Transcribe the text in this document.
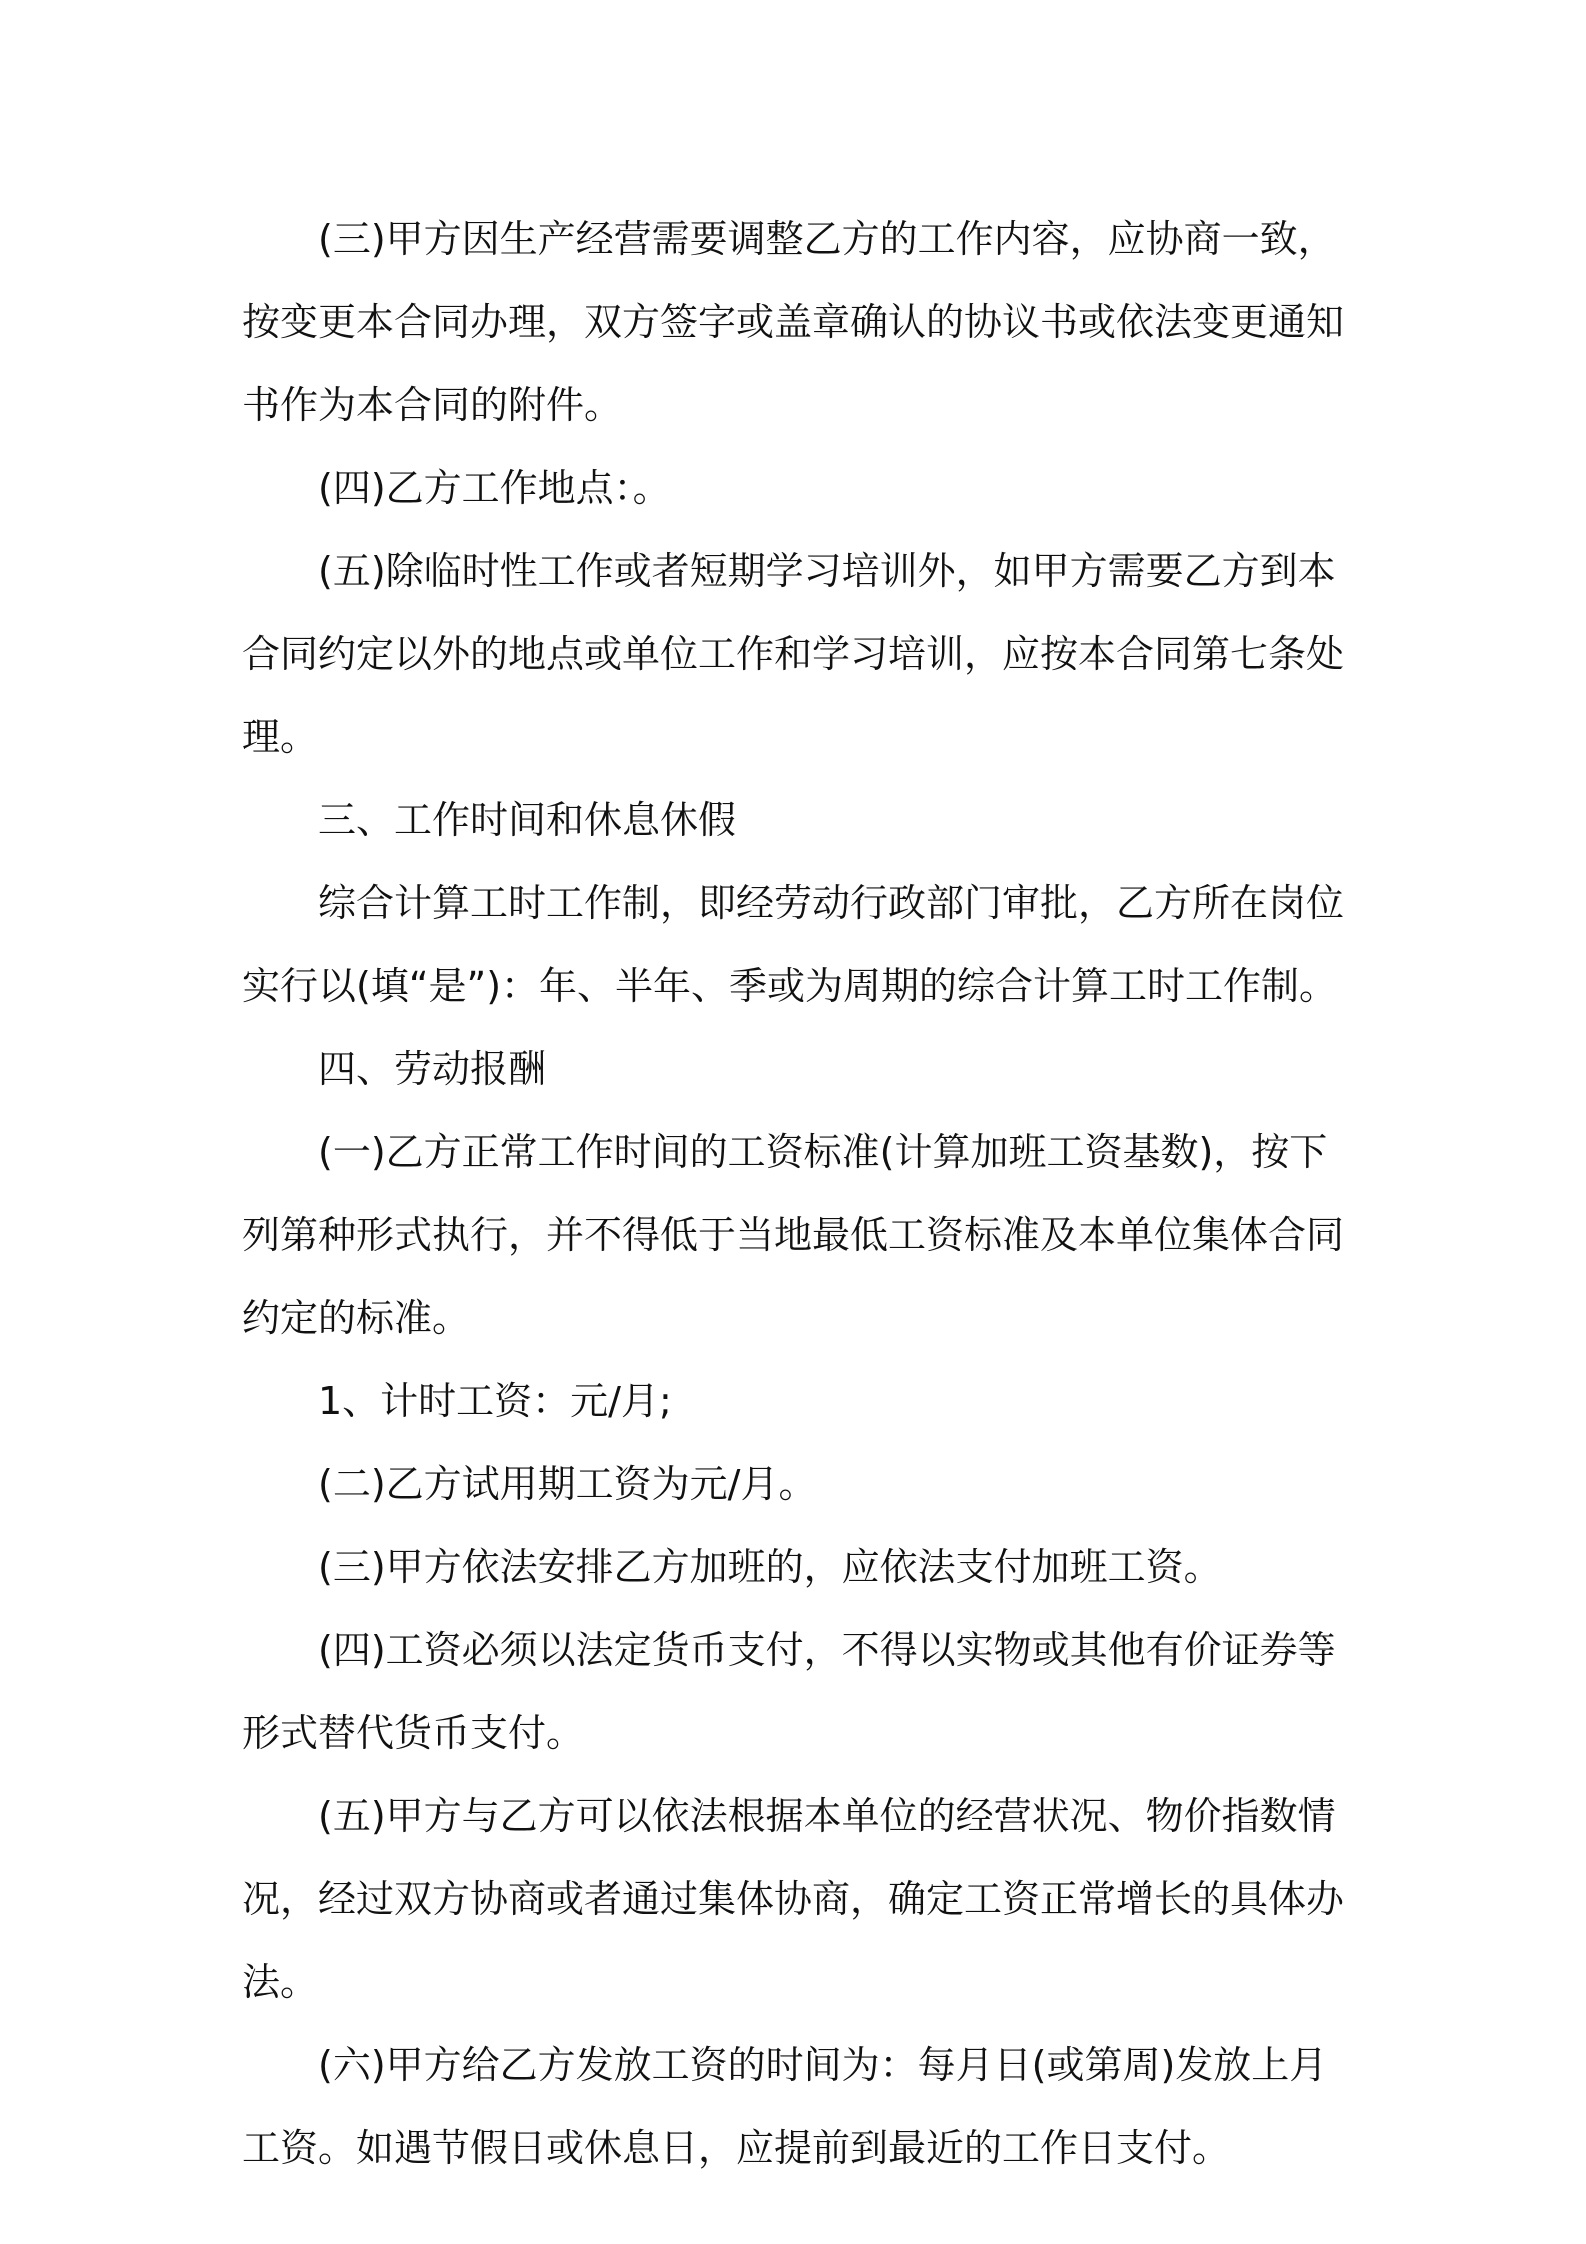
(三)甲方因生产经营需要调整乙方的工作内容，应协商一致，按变更本合同办理，双方签字或盖章确认的协议书或依法变更通知书作为本合同的附件。

(四)乙方工作地点：。

(五)除临时性工作或者短期学习培训外，如甲方需要乙方到本合同约定以外的地点或单位工作和学习培训，应按本合同第七条处理。

三、工作时间和休息休假

综合计算工时工作制，即经劳动行政部门审批，乙方所在岗位实行以(填“是”)：年、半年、季或为周期的综合计算工时工作制。

四、劳动报酬

(一)乙方正常工作时间的工资标准(计算加班工资基数)，按下列第种形式执行，并不得低于当地最低工资标准及本单位集体合同约定的标准。

1、计时工资：元/月;

(二)乙方试用期工资为元/月。

(三)甲方依法安排乙方加班的，应依法支付加班工资。

(四)工资必须以法定货币支付，不得以实物或其他有价证券等形式替代货币支付。

(五)甲方与乙方可以依法根据本单位的经营状况、物价指数情况，经过双方协商或者通过集体协商，确定工资正常增长的具体办法。

(六)甲方给乙方发放工资的时间为：每月日(或第周)发放上月工资。如遇节假日或休息日，应提前到最近的工作日支付。
